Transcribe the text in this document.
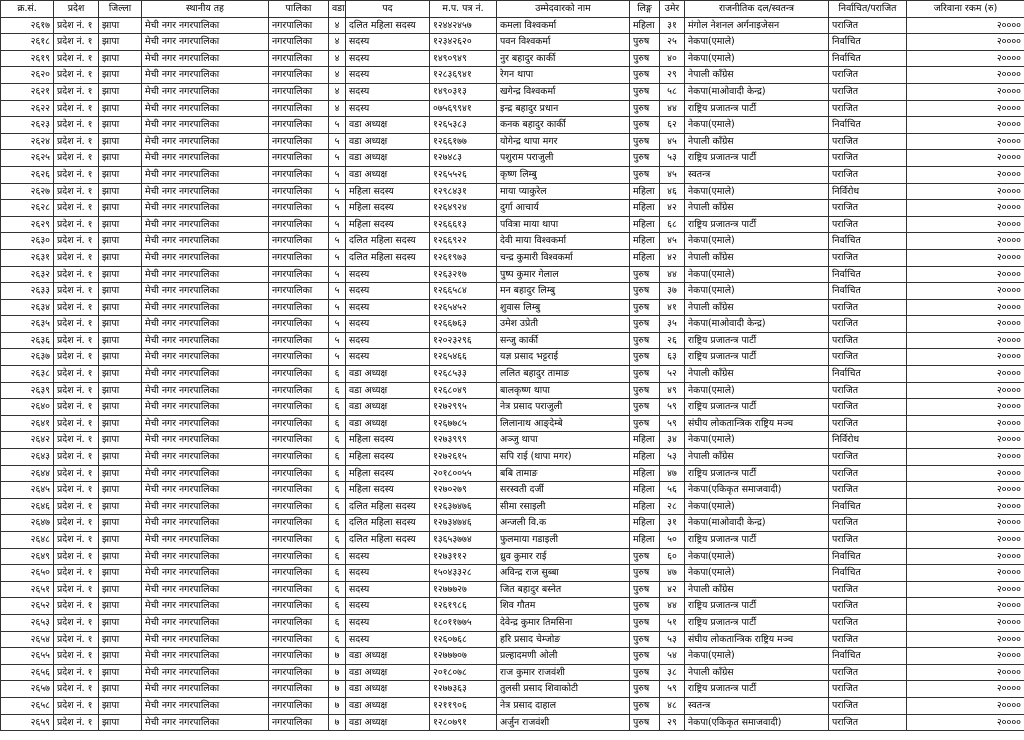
क्र.सं.	प्रदेश	जिल्ला	स्थानीय तह	पालिका	वडा	पद	म.प. पत्र नं.	उम्मेदवारको नाम	लिङ्ग	उमेर	राजनीतिक दल/स्वतन्त्र	निर्वाचित/पराजित	जरिवाना रकम (रु)
२६१७	प्रदेश नं. १	झापा	मेची नगर नगरपालिका	नगरपालिका	४	दलित महिला सदस्य	१२४४२४५७	कमला विश्वकर्मा	महिला	३१	मंगोल नेशनल अर्गनाइजेसन	पराजित	२००००
२६१८	प्रदेश नं. १	झापा	मेची नगर नगरपालिका	नगरपालिका	४	सदस्य	१२३४२६२०	पवन विश्वकर्मा	पुरुष	२५	नेकपा(एमाले)	निर्वाचित	२००००
२६१९	प्रदेश नं. १	झापा	मेची नगर नगरपालिका	नगरपालिका	४	सदस्य	१४९०९४९	नुर बहादुर कार्की	पुरुष	४०	नेकपा(एमाले)	निर्वाचित	२००००
२६२०	प्रदेश नं. १	झापा	मेची नगर नगरपालिका	नगरपालिका	४	सदस्य	१२८३६९४१	रेगन थापा	पुरुष	२९	नेपाली काँग्रेस	पराजित	२००००
२६२१	प्रदेश नं. १	झापा	मेची नगर नगरपालिका	नगरपालिका	४	सदस्य	१४९०३१३	खगेन्द्र विश्वकर्मा	पुरुष	५८	नेकपा(माओवादी केन्द्र)	पराजित	२००००
२६२२	प्रदेश नं. १	झापा	मेची नगर नगरपालिका	नगरपालिका	४	सदस्य	०७५६९९४१	इन्द्र बहादुर प्रधान	पुरुष	४४	राष्ट्रिय प्रजातन्त्र पार्टी	पराजित	२००००
२६२३	प्रदेश नं. १	झापा	मेची नगर नगरपालिका	नगरपालिका	५	वडा अध्यक्ष	१२६५३८३	कनक बहादुर कार्की	पुरुष	६२	नेकपा(एमाले)	निर्वाचित	२००००
२६२४	प्रदेश नं. १	झापा	मेची नगर नगरपालिका	नगरपालिका	५	वडा अध्यक्ष	१२६६१७७	योगेन्द्र थापा मगर	पुरुष	४५	नेपाली काँग्रेस	पराजित	२००००
२६२५	प्रदेश नं. १	झापा	मेची नगर नगरपालिका	नगरपालिका	५	वडा अध्यक्ष	१२७४८३	पशुराम पराजुली	पुरुष	५३	राष्ट्रिय प्रजातन्त्र पार्टी	पराजित	२००००
२६२६	प्रदेश नं. १	झापा	मेची नगर नगरपालिका	नगरपालिका	५	वडा अध्यक्ष	१२६५५२६	कृष्ण लिम्बु	पुरुष	४५	स्वतन्त्र	पराजित	२००००
२६२७	प्रदेश नं. १	झापा	मेची नगर नगरपालिका	नगरपालिका	५	महिला सदस्य	१२९८४३१	माया प्याकुरेल	महिला	४६	नेकपा(एमाले)	निर्विरोध	२००००
२६२८	प्रदेश नं. १	झापा	मेची नगर नगरपालिका	नगरपालिका	५	महिला सदस्य	१२६४९२४	दुर्गा आचार्य	महिला	४२	नेपाली काँग्रेस	पराजित	२००००
२६२९	प्रदेश नं. १	झापा	मेची नगर नगरपालिका	नगरपालिका	५	महिला सदस्य	१२६६६१३	पवित्रा माया थापा	महिला	६८	राष्ट्रिय प्रजातन्त्र पार्टी	पराजित	२००००
२६३०	प्रदेश नं. १	झापा	मेची नगर नगरपालिका	नगरपालिका	५	दलित महिला सदस्य	१२६६९२२	देवी माया विश्वकर्मा	महिला	४५	नेकपा(एमाले)	निर्वाचित	२००००
२६३१	प्रदेश नं. १	झापा	मेची नगर नगरपालिका	नगरपालिका	५	दलित महिला सदस्य	१२६१९७३	चन्द्र कुमारी विश्वकर्मा	महिला	४२	नेपाली काँग्रेस	पराजित	२००००
२६३२	प्रदेश नं. १	झापा	मेची नगर नगरपालिका	नगरपालिका	५	सदस्य	१२६३२१७	पुष्प कुमार गेलाल	पुरुष	४४	नेकपा(एमाले)	निर्वाचित	२००००
२६३३	प्रदेश नं. १	झापा	मेची नगर नगरपालिका	नगरपालिका	५	सदस्य	१२६६५८४	मन बहादुर लिम्बु	पुरुष	३७	नेकपा(एमाले)	निर्वाचित	२००००
२६३४	प्रदेश नं. १	झापा	मेची नगर नगरपालिका	नगरपालिका	५	सदस्य	१२६५४५२	शुवास लिम्बु	पुरुष	४१	नेपाली काँग्रेस	पराजित	२००००
२६३५	प्रदेश नं. १	झापा	मेची नगर नगरपालिका	नगरपालिका	५	सदस्य	१२६६७६३	उमेश उप्रेती	पुरुष	३५	नेकपा(माओवादी केन्द्र)	पराजित	२००००
२६३६	प्रदेश नं. १	झापा	मेची नगर नगरपालिका	नगरपालिका	५	सदस्य	१२०२३२९६	सन्जु कार्की	पुरुष	२६	राष्ट्रिय प्रजातन्त्र पार्टी	पराजित	२००००
२६३७	प्रदेश नं. १	झापा	मेची नगर नगरपालिका	नगरपालिका	५	सदस्य	१२६५४६६	यज्ञ प्रसाद भट्टराई	पुरुष	६३	राष्ट्रिय प्रजातन्त्र पार्टी	पराजित	२००००
२६३८	प्रदेश नं. १	झापा	मेची नगर नगरपालिका	नगरपालिका	६	वडा अध्यक्ष	१२६८५३३	ललित बहादुर तामाङ	पुरुष	५२	नेपाली काँग्रेस	निर्वाचित	२००००
२६३९	प्रदेश नं. १	झापा	मेची नगर नगरपालिका	नगरपालिका	६	वडा अध्यक्ष	१२६८०४९	बालकृष्ण थापा	पुरुष	४९	नेकपा(एमाले)	पराजित	२००००
२६४०	प्रदेश नं. १	झापा	मेची नगर नगरपालिका	नगरपालिका	६	वडा अध्यक्ष	१२७२९९५	नेत्र प्रसाद पराजुली	पुरुष	५९	राष्ट्रिय प्रजातन्त्र पार्टी	पराजित	२००००
२६४१	प्रदेश नं. १	झापा	मेची नगर नगरपालिका	नगरपालिका	६	वडा अध्यक्ष	१२६७७८५	लिलानाथ आङ्देम्बे	पुरुष	५९	संघीय लोकतान्त्रिक राष्ट्रिय मञ्च	पराजित	२००००
२६४२	प्रदेश नं. १	झापा	मेची नगर नगरपालिका	नगरपालिका	६	महिला सदस्य	१२७३९९९	अञ्जु थापा	महिला	३४	नेकपा(एमाले)	निर्विरोध	२००००
२६४३	प्रदेश नं. १	झापा	मेची नगर नगरपालिका	नगरपालिका	६	महिला सदस्य	१२७२६१५	सपि राई (थापा मगर)	महिला	५३	नेपाली काँग्रेस	पराजित	२००००
२६४४	प्रदेश नं. १	झापा	मेची नगर नगरपालिका	नगरपालिका	६	महिला सदस्य	२०१८००५५	बबि तामाङ	महिला	४७	राष्ट्रिय प्रजातन्त्र पार्टी	पराजित	२००००
२६४५	प्रदेश नं. १	झापा	मेची नगर नगरपालिका	नगरपालिका	६	महिला सदस्य	१२७०२७९	सरस्वती दर्जी	महिला	५६	नेकपा(एकिकृत समाजवादी)	पराजित	२००००
२६४६	प्रदेश नं. १	झापा	मेची नगर नगरपालिका	नगरपालिका	६	दलित महिला सदस्य	१२६३७४७६	सीमा रसाइली	महिला	२८	नेकपा(एमाले)	निर्वाचित	२००००
२६४७	प्रदेश नं. १	झापा	मेची नगर नगरपालिका	नगरपालिका	६	दलित महिला सदस्य	१२७३४७४६	अन्जली वि.क	महिला	३१	नेकपा(माओवादी केन्द्र)	पराजित	२००००
२६४८	प्रदेश नं. १	झापा	मेची नगर नगरपालिका	नगरपालिका	६	दलित महिला सदस्य	१३६५३७७४	फुलमाया गडाइली	महिला	५०	राष्ट्रिय प्रजातन्त्र पार्टी	पराजित	२००००
२६४९	प्रदेश नं. १	झापा	मेची नगर नगरपालिका	नगरपालिका	६	सदस्य	१२७३११२	ध्रुव कुमार राई	पुरुष	६०	नेकपा(एमाले)	निर्वाचित	२००००
२६५०	प्रदेश नं. १	झापा	मेची नगर नगरपालिका	नगरपालिका	६	सदस्य	१५०४३३२८	अविन्द्र राज सुब्बा	पुरुष	४७	नेकपा(एमाले)	निर्वाचित	२००००
२६५१	प्रदेश नं. १	झापा	मेची नगर नगरपालिका	नगरपालिका	६	सदस्य	१२७७७२७	जित बहादुर बस्नेत	पुरुष	४२	नेपाली काँग्रेस	पराजित	२००००
२६५२	प्रदेश नं. १	झापा	मेची नगर नगरपालिका	नगरपालिका	६	सदस्य	१२६१९८६	शिव गौतम	पुरुष	४४	राष्ट्रिय प्रजातन्त्र पार्टी	पराजित	२००००
२६५३	प्रदेश नं. १	झापा	मेची नगर नगरपालिका	नगरपालिका	६	सदस्य	१८०११७७५	देवेन्द्र कुमार तिमसिना	पुरुष	५१	राष्ट्रिय प्रजातन्त्र पार्टी	पराजित	२००००
२६५४	प्रदेश नं. १	झापा	मेची नगर नगरपालिका	नगरपालिका	६	सदस्य	१२६०७६८	हरि प्रसाद चेम्जोङ	पुरुष	५३	संघीय लोकतान्त्रिक राष्ट्रिय मञ्च	पराजित	२००००
२६५५	प्रदेश नं. १	झापा	मेची नगर नगरपालिका	नगरपालिका	७	वडा अध्यक्ष	१२७७७०७	प्रल्हादमणी ओली	पुरुष	५४	नेकपा(एमाले)	निर्वाचित	२००००
२६५६	प्रदेश नं. १	झापा	मेची नगर नगरपालिका	नगरपालिका	७	वडा अध्यक्ष	२०१८०७८	राज कुमार राजवंशी	पुरुष	३८	नेपाली काँग्रेस	पराजित	२००००
२६५७	प्रदेश नं. १	झापा	मेची नगर नगरपालिका	नगरपालिका	७	वडा अध्यक्ष	१२७७३६३	तुलसी प्रसाद शिवाकोटी	पुरुष	५९	राष्ट्रिय प्रजातन्त्र पार्टी	पराजित	२००००
२६५८	प्रदेश नं. १	झापा	मेची नगर नगरपालिका	नगरपालिका	७	वडा अध्यक्ष	१२११९०६	नेत्र प्रसाद दाहाल	पुरुष	४८	स्वतन्त्र	पराजित	२००००
२६५९	प्रदेश नं. १	झापा	मेची नगर नगरपालिका	नगरपालिका	७	वडा अध्यक्ष	१२८०७९१	अर्जुन राजवंशी	पुरुष	२९	नेकपा(एकिकृत समाजवादी)	पराजित	२००००
